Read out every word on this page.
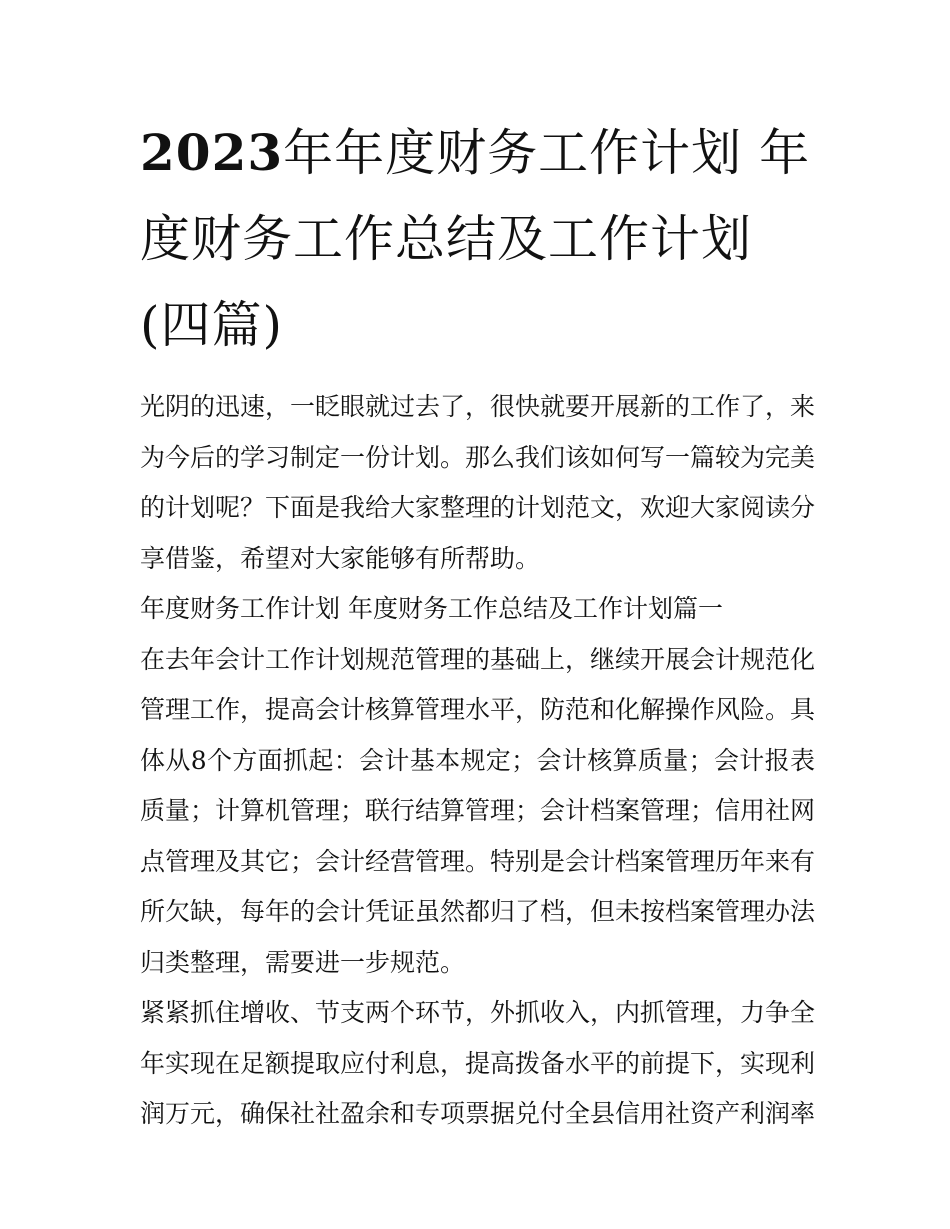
2023年年度财务工作计划 年度财务工作总结及工作计划(四篇)

光阴的迅速，一眨眼就过去了，很快就要开展新的工作了，来为今后的学习制定一份计划。那么我们该如何写一篇较为完美的计划呢？下面是我给大家整理的计划范文，欢迎大家阅读分享借鉴，希望对大家能够有所帮助。

年度财务工作计划 年度财务工作总结及工作计划篇一

在去年会计工作计划规范管理的基础上，继续开展会计规范化管理工作，提高会计核算管理水平，防范和化解操作风险。具体从8个方面抓起：会计基本规定；会计核算质量；会计报表质量；计算机管理；联行结算管理；会计档案管理；信用社网点管理及其它；会计经营管理。特别是会计档案管理历年来有所欠缺，每年的会计凭证虽然都归了档，但未按档案管理办法归类整理，需要进一步规范。

紧紧抓住增收、节支两个环节，外抓收入，内抓管理，力争全年实现在足额提取应付利息，提高拨备水平的前提下，实现利润万元，确保社社盈余和专项票据兑付全县信用社资产利润率
